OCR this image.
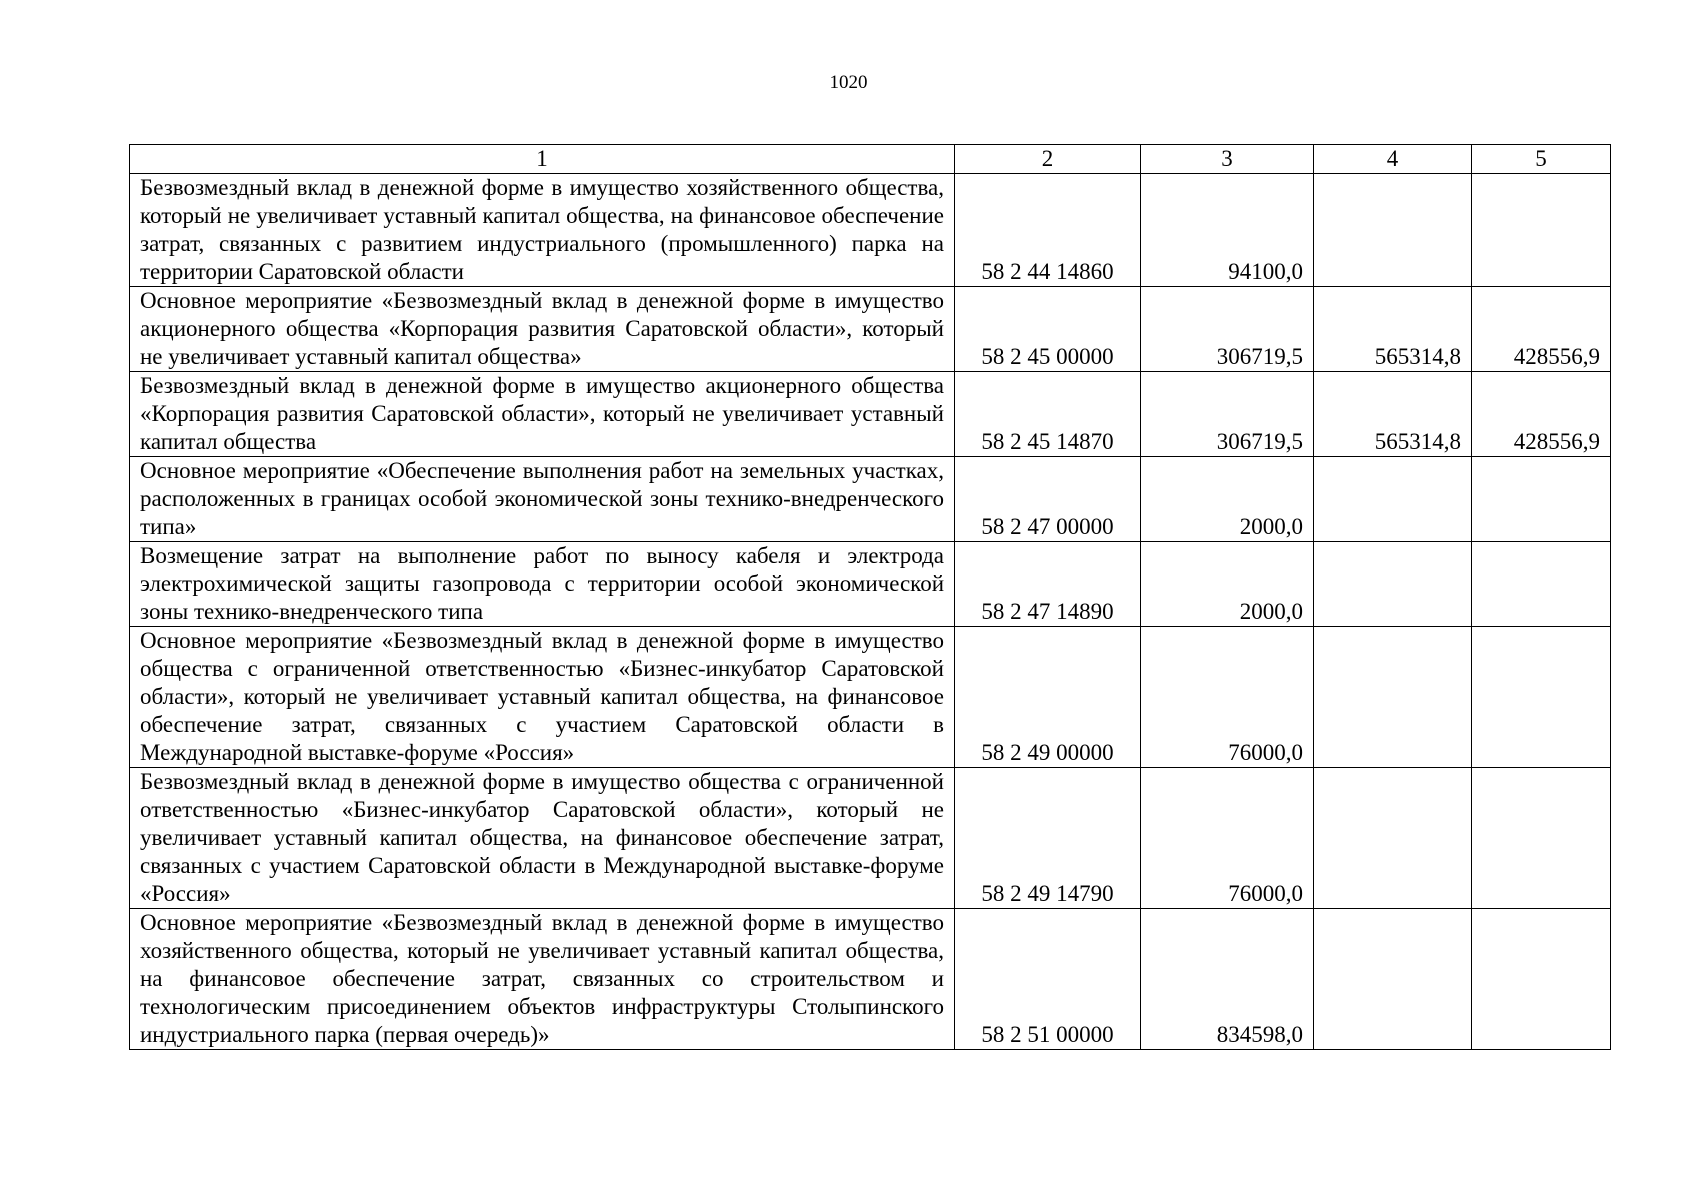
1020
1	2	3	4	5
Безвозмездный вклад в денежной форме в имущество хозяйственного общества, который не увеличивает уставный капитал общества, на финансовое обеспечение затрат, связанных с развитием индустриального (промышленного) парка на территории Саратовской области	58 2 44 14860	94100,0		
Основное мероприятие «Безвозмездный вклад в денежной форме в имущество акционерного общества «Корпорация развития Саратовской области», который не увеличивает уставный капитал общества»	58 2 45 00000	306719,5	565314,8	428556,9
Безвозмездный вклад в денежной форме в имущество акционерного общества «Корпорация развития Саратовской области», который не увеличивает уставный капитал общества	58 2 45 14870	306719,5	565314,8	428556,9
Основное мероприятие «Обеспечение выполнения работ на земельных участках, расположенных в границах особой экономической зоны технико-внедренческого типа»	58 2 47 00000	2000,0		
Возмещение затрат на выполнение работ по выносу кабеля и электрода электрохимической защиты газопровода с территории особой экономической зоны технико-внедренческого типа	58 2 47 14890	2000,0		
Основное мероприятие «Безвозмездный вклад в денежной форме в имущество общества с ограниченной ответственностью «Бизнес-инкубатор Саратовской области», который не увеличивает уставный капитал общества, на финансовое обеспечение затрат, связанных с участием Саратовской области в Международной выставке-форуме «Россия»	58 2 49 00000	76000,0		
Безвозмездный вклад в денежной форме в имущество общества с ограниченной ответственностью «Бизнес-инкубатор Саратовской области», который не увеличивает уставный капитал общества, на финансовое обеспечение затрат, связанных с участием Саратовской области в Международной выставке-форуме «Россия»	58 2 49 14790	76000,0		
Основное мероприятие «Безвозмездный вклад в денежной форме в имущество хозяйственного общества, который не увеличивает уставный капитал общества, на финансовое обеспечение затрат, связанных со строительством и технологическим присоединением объектов инфраструктуры Столыпинского индустриального парка (первая очередь)»	58 2 51 00000	834598,0		
